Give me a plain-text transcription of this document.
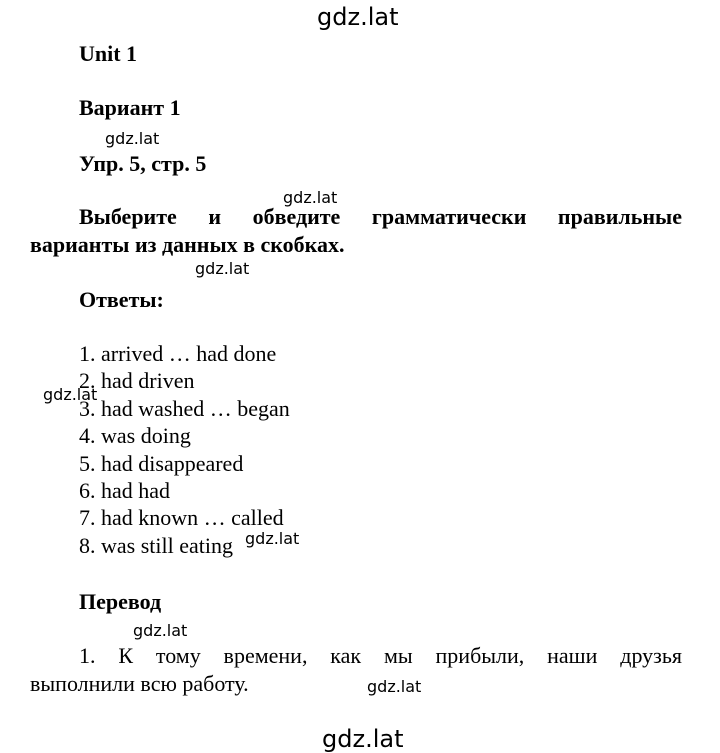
Unit 1
Вариант 1
Упр. 5, стр. 5
Выберите и обведите грамматически правильные
варианты из данных в скобках.
Ответы:
1. arrived … had done
2. had driven
3. had washed … began
4. was doing
5. had disappeared
6. had had
7. had known … called
8. was still eating
Перевод
1. К тому времени, как мы прибыли, наши друзья
выполнили всю работу.
gdz.lat
gdz.lat
gdz.lat
gdz.lat
gdz.lat
gdz.lat
gdz.lat
gdz.lat
gdz.lat
